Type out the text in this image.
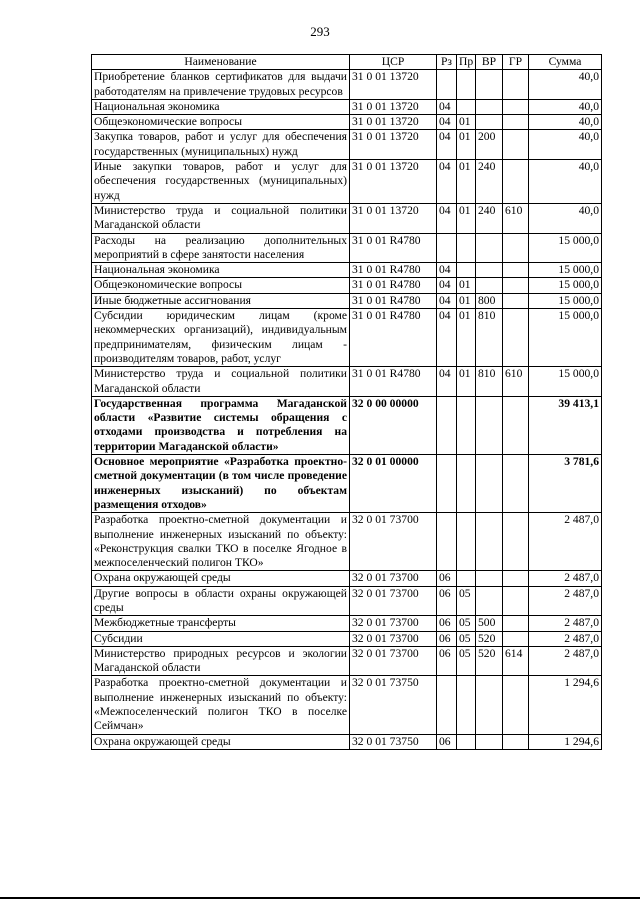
293
Наименование	ЦСР	Рз	Пр	ВР	ГР	Сумма
Приобретение бланков сертификатов для выдачи работодателям на привлечение трудовых ресурсов	31 0 01 13720					40,0
Национальная экономика	31 0 01 13720	04				40,0
Общеэкономические вопросы	31 0 01 13720	04	01			40,0
Закупка товаров, работ и услуг для обеспечения государственных (муниципальных) нужд	31 0 01 13720	04	01	200		40,0
Иные закупки товаров, работ и услуг для обеспечения государственных (муниципальных) нужд	31 0 01 13720	04	01	240		40,0
Министерство труда и социальной политики Магаданской области	31 0 01 13720	04	01	240	610	40,0
Расходы на реализацию дополнительных мероприятий в сфере занятости населения	31 0 01 R4780					15 000,0
Национальная экономика	31 0 01 R4780	04				15 000,0
Общеэкономические вопросы	31 0 01 R4780	04	01			15 000,0
Иные бюджетные ассигнования	31 0 01 R4780	04	01	800		15 000,0
Субсидии юридическим лицам (кроме некоммерческих организаций), индивидуальным предпринимателям, физическим лицам - производителям товаров, работ, услуг	31 0 01 R4780	04	01	810		15 000,0
Министерство труда и социальной политики Магаданской области	31 0 01 R4780	04	01	810	610	15 000,0
Государственная программа Магаданской области «Развитие системы обращения с отходами производства и потребления на территории Магаданской области»	32 0 00 00000					39 413,1
Основное мероприятие «Разработка проектно-сметной документации (в том числе проведение инженерных изысканий) по объектам размещения отходов»	32 0 01 00000					3 781,6
Разработка проектно-сметной документации и выполнение инженерных изысканий по объекту: «Реконструкция свалки ТКО в поселке Ягодное в межпоселенческий полигон ТКО»	32 0 01 73700					2 487,0
Охрана окружающей среды	32 0 01 73700	06				2 487,0
Другие вопросы в области охраны окружающей среды	32 0 01 73700	06	05			2 487,0
Межбюджетные трансферты	32 0 01 73700	06	05	500		2 487,0
Субсидии	32 0 01 73700	06	05	520		2 487,0
Министерство природных ресурсов и экологии Магаданской области	32 0 01 73700	06	05	520	614	2 487,0
Разработка проектно-сметной документации и выполнение инженерных изысканий по объекту: «Межпоселенческий полигон ТКО в поселке Сеймчан»	32 0 01 73750					1 294,6
Охрана окружающей среды	32 0 01 73750	06				1 294,6
